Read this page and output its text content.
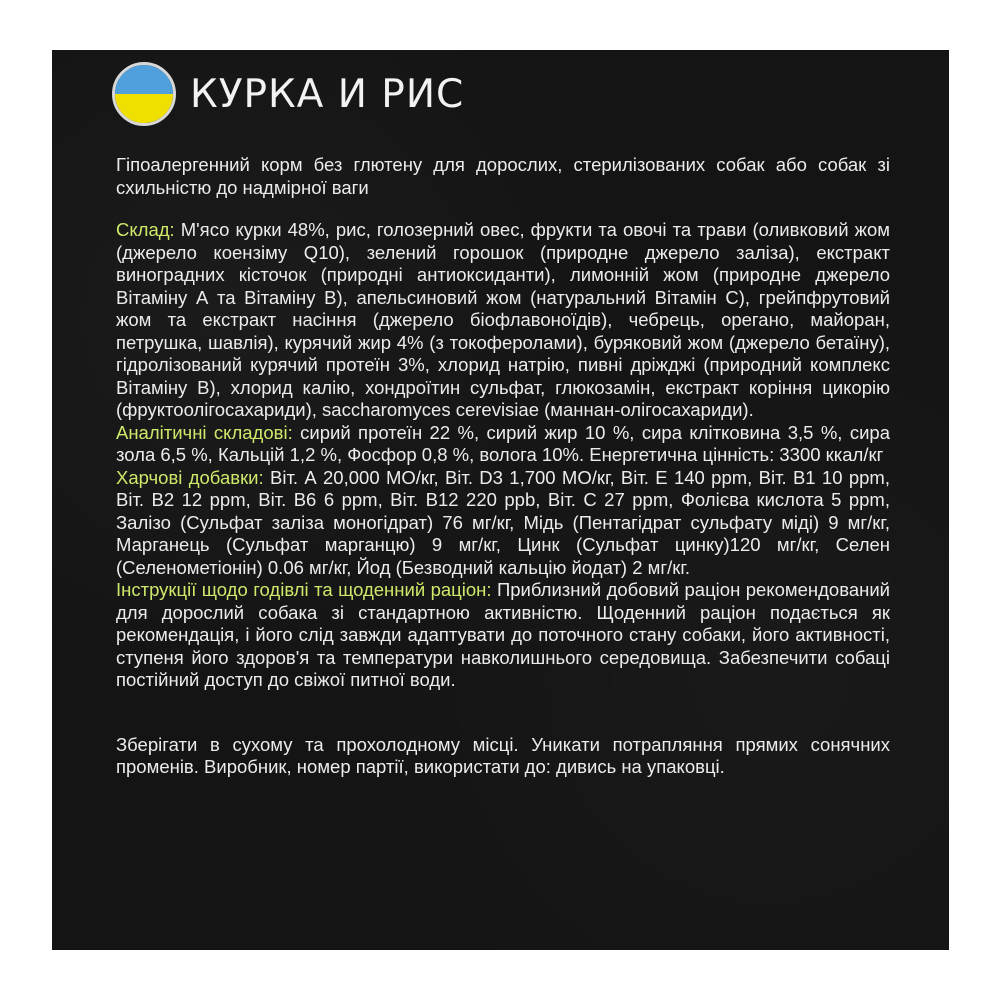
КУРКА И РИС

Гіпоалергенний корм без глютену для дорослих, стерилізованих собак або собак зі схильністю до надмірної ваги

Склад: М'ясо курки 48%, рис, голозерний овес, фрукти та овочі та трави (оливковий жом (джерело коензіму Q10), зелений горошок (природне джерело заліза), екстракт виноградних кісточок (природні антиоксиданти), лимонній жом (природне джерело Вітаміну А та Вітаміну В), апельсиновий жом (натуральний Вітамін С), грейпфрутовий жом та екстракт насіння (джерело біофлавоноїдів), чебрець, орегано, майоран, петрушка, шавлія), курячий жир 4% (з токоферолами), буряковий жом (джерело бетаїну), гідролізований курячий протеїн 3%, хлорид натрію, пивні дріжджі (природний комплекс Вітаміну В), хлорид калію, хондроїтин сульфат, глюкозамін, екстракт коріння цикорію (фруктоолігосахариди), saccharomyces cerevisiae (маннан-олігосахариди).

Аналітичні складові: сирий протеїн 22 %, сирий жир 10 %, сира клітковина 3,5 %, сира зола 6,5 %, Кальцій 1,2 %, Фосфор 0,8 %, волога 10%. Енергетична цінність: 3300 ккал/кг

Харчові добавки: Віт. А 20,000 МО/кг, Віт. D3 1,700 МО/кг, Віт. Е 140 ppm, Віт. В1 10 ppm, Віт. В2 12 ppm, Віт. В6 6 ppm, Віт. В12 220 ppb, Віт. С 27 ppm, Фолієва кислота 5 ppm, Залізо (Сульфат заліза моногідрат) 76 мг/кг, Мідь (Пентагідрат сульфату міді) 9 мг/кг, Марганець (Сульфат марганцю) 9 мг/кг, Цинк (Сульфат цинку)120 мг/кг, Селен (Селенометіонін) 0.06 мг/кг, Йод (Безводний кальцію йодат) 2 мг/кг.

Інструкції щодо годівлі та щоденний раціон: Приблизний добовий раціон рекомендований для дорослий собака зі стандартною активністю. Щоденний раціон подається як рекомендація, і його слід завжди адаптувати до поточного стану собаки, його активності, ступеня його здоров'я та температури навколишнього середовища. Забезпечити собаці постійний доступ до свіжої питної води.

Зберігати в сухому та прохолодному місці. Уникати потрапляння прямих сонячних променів. Виробник, номер партії, використати до: дивись на упаковці.
